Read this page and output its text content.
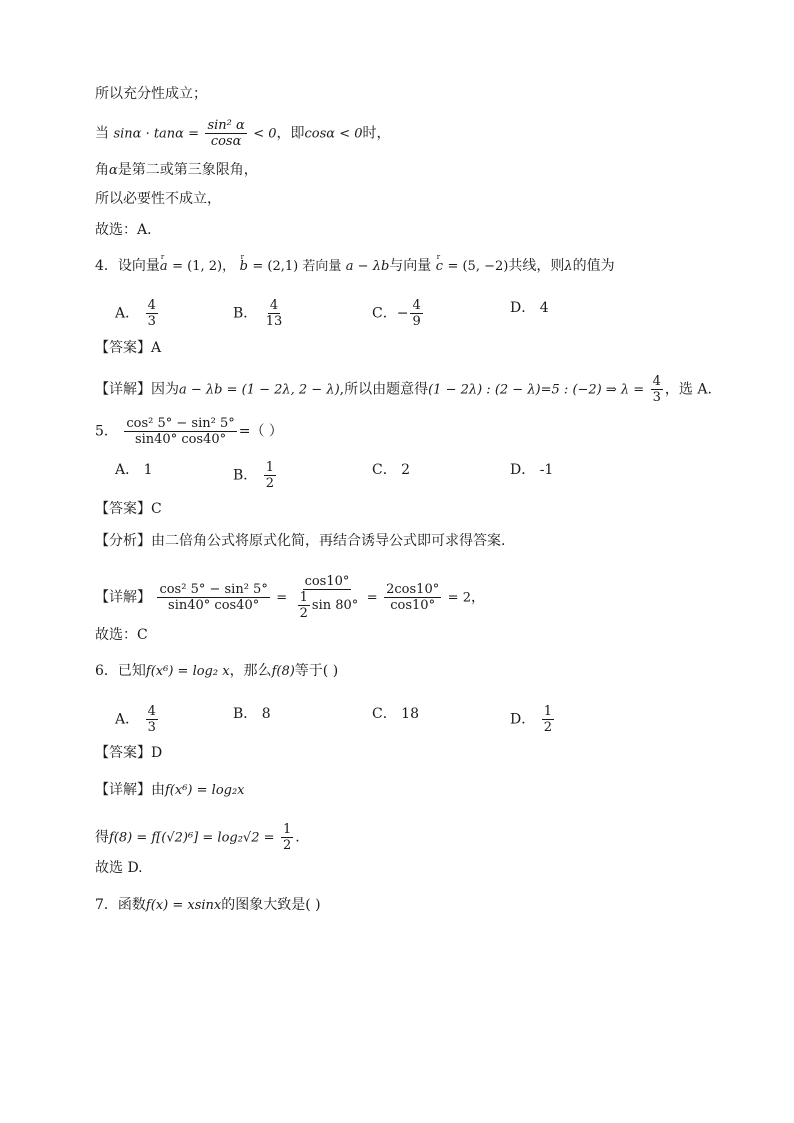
所以充分性成立；
当 $\sin\alpha \cdot \tan\alpha = \frac{\text{sin² α}}{\cos\alpha} < 0$，即cosα < 0时，
角α是第二或第三象限角，
所以必要性不成立，
故选：A．
4．设向量r a = (1, 2)， r b = (2,1) 若向量 a − λb与向量 r c = (5, −2)共线，则λ的值为
A． $\frac{4}{3}$	B． $\frac{4}{13}$	C．− $\frac{4}{9}$	D． 4
【答案】A
【详解】因为a − λb = (1 − 2λ, 2 − λ),所以由题意得(1 − 2λ) : (2 − λ)=5 : (−2) ⇒ $\lambda = \frac{4}{3}$ ，选 A.
5． $\frac{\text{cos² 5° − sin² 5°}}{\sin 40^\circ \cos 40^\circ}$ =（ ）
A． 1	B． $\frac{1}{2}$	C． 2	D． -1
【答案】C
【分析】由二倍角公式将原式化简，再结合诱导公式即可求得答案.
【详解】 $\frac{\text{cos² 5° − sin² 5°}}{\sin 40^\circ \cos 40^\circ} = \frac{\cos 10^\circ}{\frac{1}{2} \sin 80^\circ} = \frac{2\cos 10^\circ}{\cos 10^\circ} = 2$，
故选：C
6．已知f(x⁶) = log₂ x，那么f(8)等于( )
A． $\frac{4}{3}$	B． 8	C． 18	D． $\frac{1}{2}$
【答案】D
【详解】由f(x⁶) = log₂x
得$f(8) = f[(√2)^6] = \log_2√2 = \frac{1}{2}$ .
故选 D.
7．函数f(x) = xsinx的图象大致是( )
